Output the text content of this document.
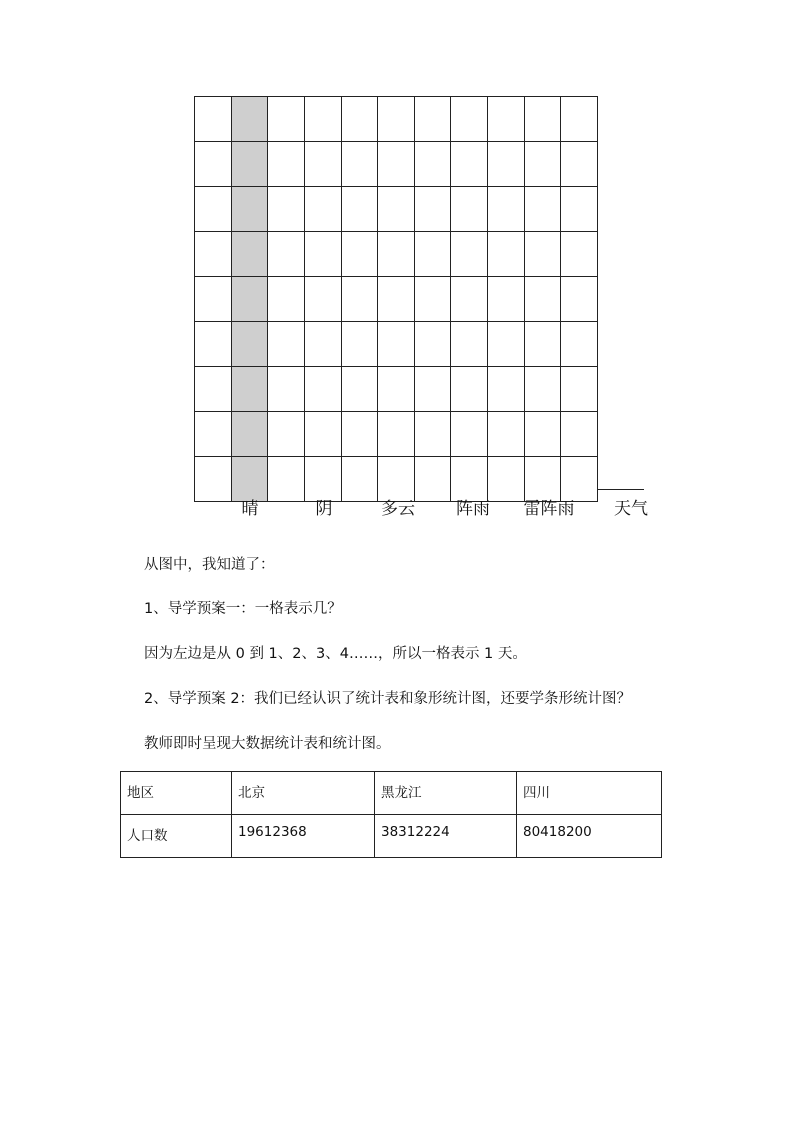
晴	阴	多云 阵雨 雷阵雨 天气
从图中，我知道了：
1、导学预案一：一格表示几？
因为左边是从 0 到 1、2、3、4……，所以一格表示 1 天。
2、导学预案 2：我们已经认识了统计表和象形统计图，还要学条形统计图？
教师即时呈现大数据统计表和统计图。
地区	北京	黑龙江	四川
人口数	19612368	38312224	80418200
